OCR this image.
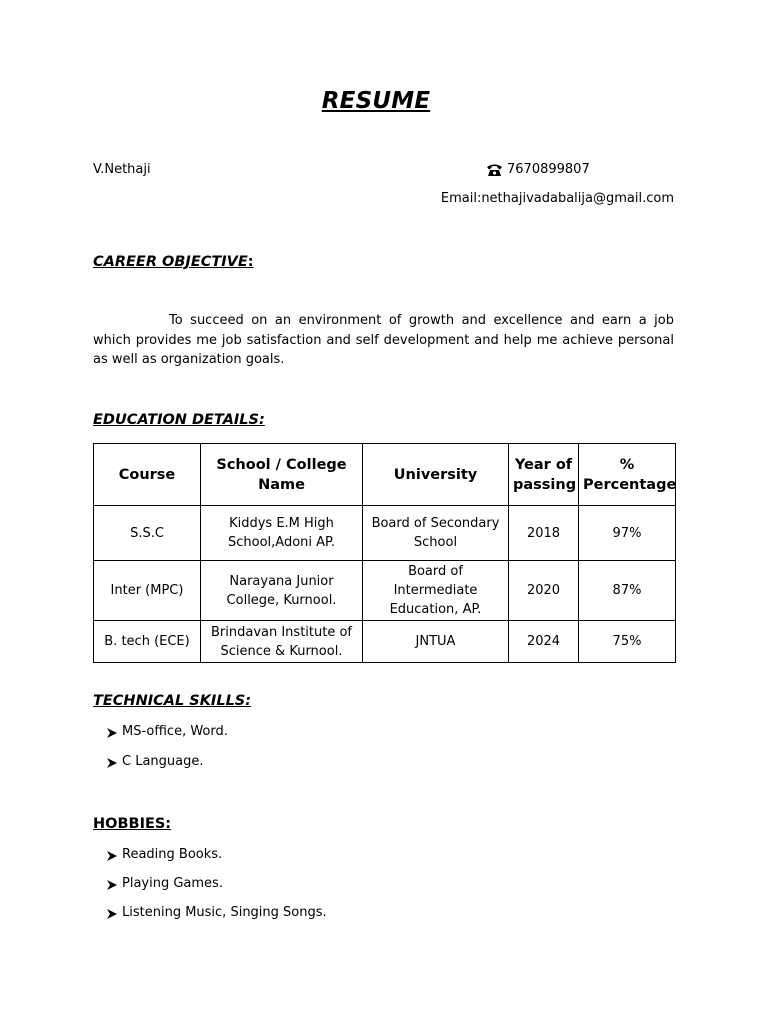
RESUME
V.Nethaji	7670899807
Email:nethajivadabalija@gmail.com
CAREER OBJECTIVE:
To succeed on an environment of growth and excellence and earn a job which provides me job satisfaction and self development and help me achieve personal as well as organization goals.
EDUCATION DETAILS:
Course	School / College Name	University	Year of passing	% Percentage
S.S.C	Kiddys E.M High School,Adoni AP.	Board of Secondary School	2018	97%
Inter (MPC)	Narayana Junior College, Kurnool.	Board of Intermediate Education, AP.	2020	87%
B. tech (ECE)	Brindavan Institute of Science & Kurnool.	JNTUA	2024	75%
TECHNICAL SKILLS:
MS-office, Word.
C Language.
HOBBIES:
Reading Books.
Playing Games.
Listening Music, Singing Songs.
